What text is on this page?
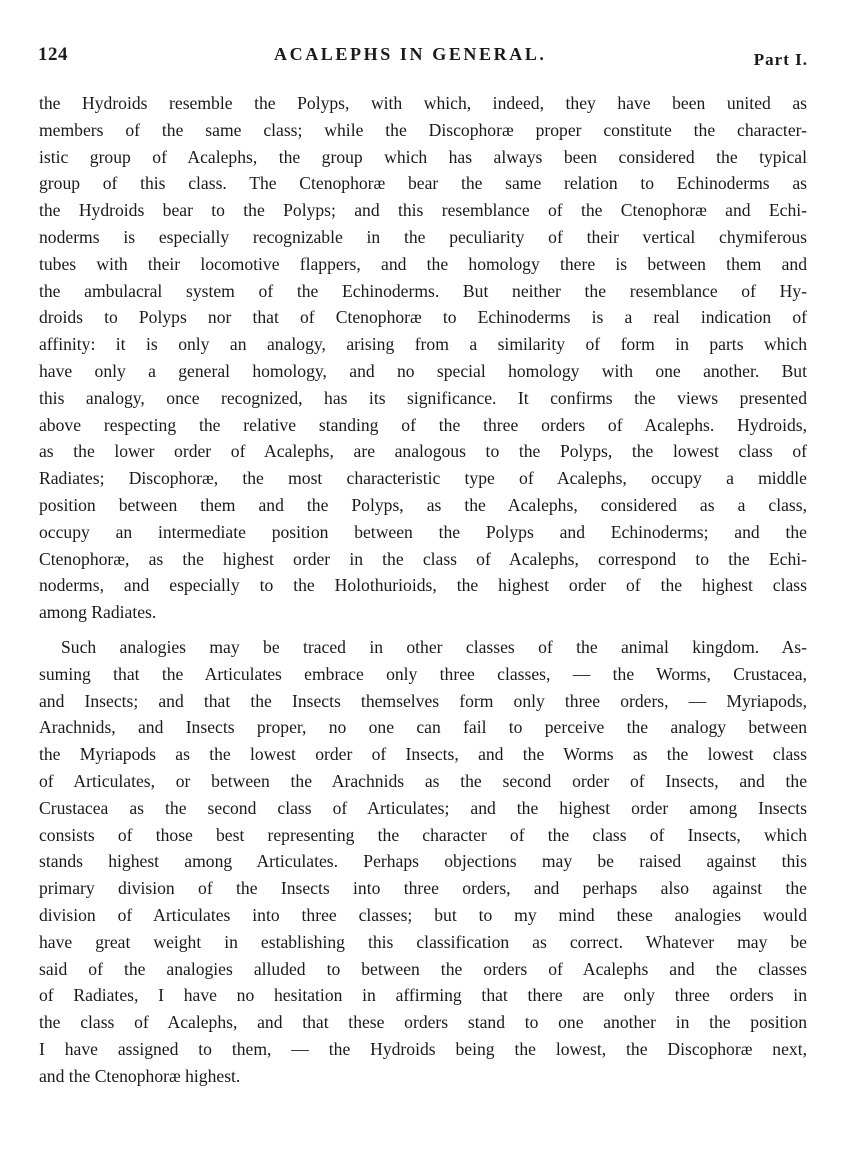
124	ACALEPHS IN GENERAL.	Part I.
the Hydroids resemble the Polyps, with which, indeed, they have been united as
members of the same class; while the Discophoræ proper constitute the character-
istic group of Acalephs, the group which has always been considered the typical
group of this class. The Ctenophoræ bear the same relation to Echinoderms as
the Hydroids bear to the Polyps; and this resemblance of the Ctenophoræ and Echi-
noderms is especially recognizable in the peculiarity of their vertical chymiferous
tubes with their locomotive flappers, and the homology there is between them and
the ambulacral system of the Echinoderms. But neither the resemblance of Hy-
droids to Polyps nor that of Ctenophoræ to Echinoderms is a real indication of
affinity: it is only an analogy, arising from a similarity of form in parts which
have only a general homology, and no special homology with one another. But
this analogy, once recognized, has its significance. It confirms the views presented
above respecting the relative standing of the three orders of Acalephs. Hydroids,
as the lower order of Acalephs, are analogous to the Polyps, the lowest class of
Radiates; Discophoræ, the most characteristic type of Acalephs, occupy a middle
position between them and the Polyps, as the Acalephs, considered as a class,
occupy an intermediate position between the Polyps and Echinoderms; and the
Ctenophoræ, as the highest order in the class of Acalephs, correspond to the Echi-
noderms, and especially to the Holothurioids, the highest order of the highest class
among Radiates.
Such analogies may be traced in other classes of the animal kingdom. As-
suming that the Articulates embrace only three classes, — the Worms, Crustacea,
and Insects; and that the Insects themselves form only three orders, — Myriapods,
Arachnids, and Insects proper, no one can fail to perceive the analogy between
the Myriapods as the lowest order of Insects, and the Worms as the lowest class
of Articulates, or between the Arachnids as the second order of Insects, and the
Crustacea as the second class of Articulates; and the highest order among Insects
consists of those best representing the character of the class of Insects, which
stands highest among Articulates. Perhaps objections may be raised against this
primary division of the Insects into three orders, and perhaps also against the
division of Articulates into three classes; but to my mind these analogies would
have great weight in establishing this classification as correct. Whatever may be
said of the analogies alluded to between the orders of Acalephs and the classes
of Radiates, I have no hesitation in affirming that there are only three orders in
the class of Acalephs, and that these orders stand to one another in the position
I have assigned to them, — the Hydroids being the lowest, the Discophoræ next,
and the Ctenophoræ highest.
